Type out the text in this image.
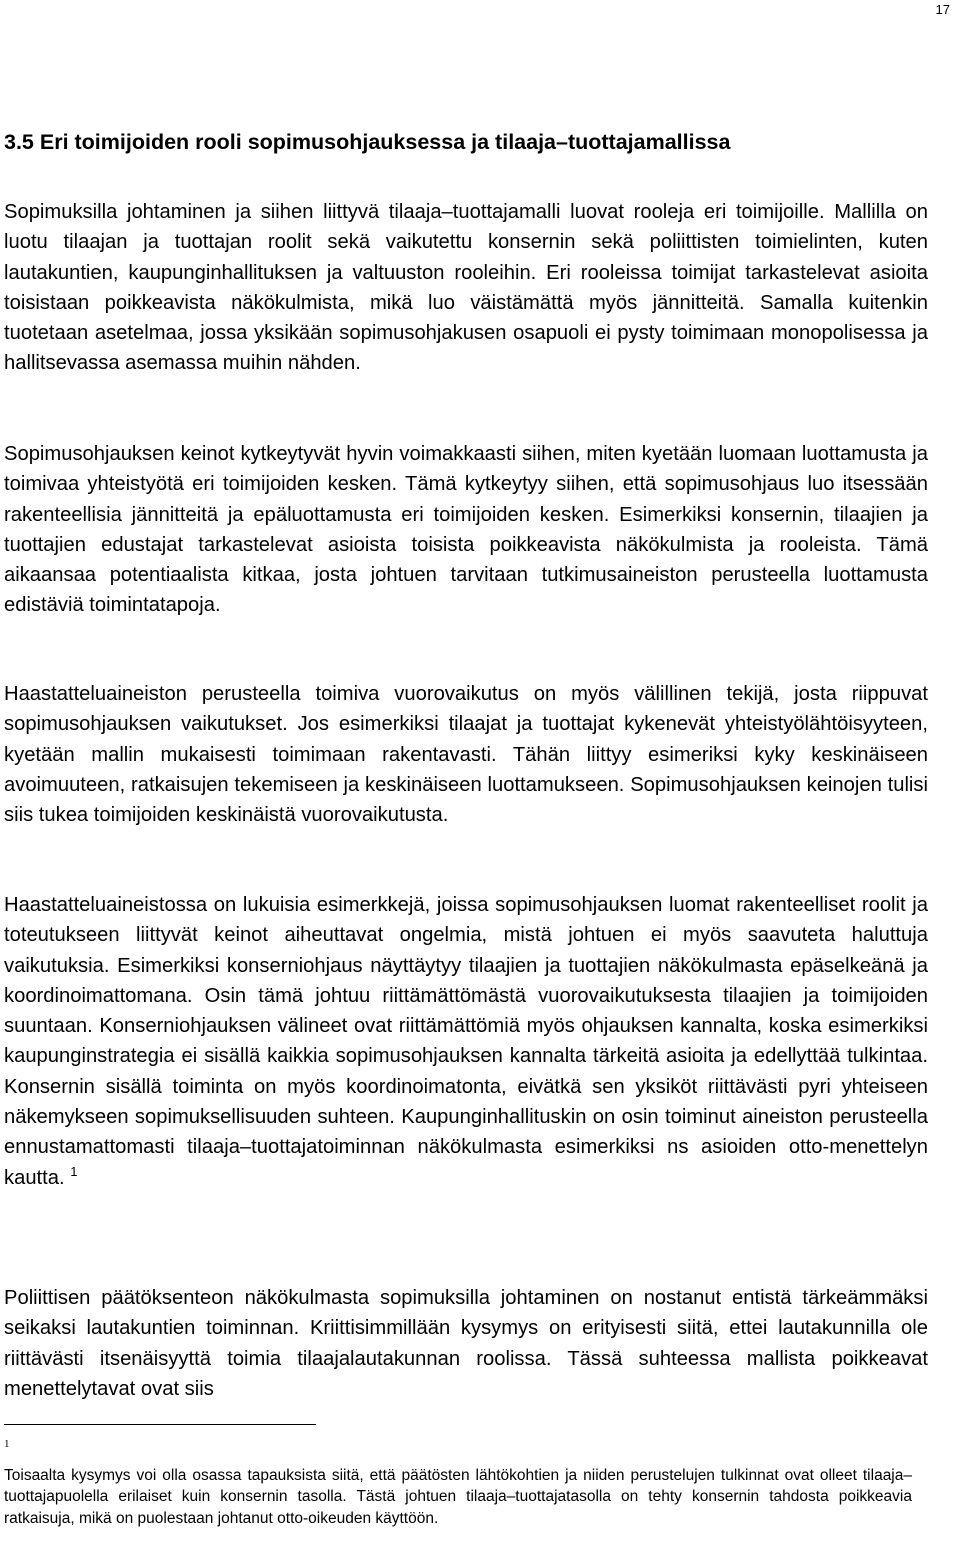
17
3.5 Eri toimijoiden rooli sopimusohjauksessa ja tilaaja–tuottajamallissa

Sopimuksilla johtaminen ja siihen liittyvä tilaaja–tuottajamalli luovat rooleja eri toimijoille. Mallilla on luotu tilaajan ja tuottajan roolit sekä vaikutettu konsernin sekä poliittisten toimielinten, kuten lautakuntien, kaupunginhallituksen ja valtuuston rooleihin. Eri rooleissa toimijat tarkastelevat asioita toisistaan poikkeavista näkökulmista, mikä luo väistämättä myös jännitteitä. Samalla kuitenkin tuotetaan asetelmaa, jossa yksikään sopimusohjakusen osapuoli ei pysty toimimaan monopolisessa ja hallitsevassa asemassa muihin nähden.

Sopimusohjauksen keinot kytkeytyvät hyvin voimakkaasti siihen, miten kyetään luomaan luottamusta ja toimivaa yhteistyötä eri toimijoiden kesken. Tämä kytkeytyy siihen, että sopimusohjaus luo itsessään rakenteellisia jännitteitä ja epäluottamusta eri toimijoiden kesken. Esimerkiksi konsernin, tilaajien ja tuottajien edustajat tarkastelevat asioista toisista poikkeavista näkökulmista ja rooleista. Tämä aikaansaa potentiaalista kitkaa, josta johtuen tarvitaan tutkimusaineiston perusteella luottamusta edistäviä toimintatapoja.

Haastatteluaineiston perusteella toimiva vuorovaikutus on myös välillinen tekijä, josta riippuvat sopimusohjauksen vaikutukset. Jos esimerkiksi tilaajat ja tuottajat kykenevät yhteistyölähtöisyyteen, kyetään mallin mukaisesti toimimaan rakentavasti. Tähän liittyy esimeriksi kyky keskinäiseen avoimuuteen, ratkaisujen tekemiseen ja keskinäiseen luottamukseen. Sopimusohjauksen keinojen tulisi siis tukea toimijoiden keskinäistä vuorovaikutusta.

Haastatteluaineistossa on lukuisia esimerkkejä, joissa sopimusohjauksen luomat rakenteelliset roolit ja toteutukseen liittyvät keinot aiheuttavat ongelmia, mistä johtuen ei myös saavuteta haluttuja vaikutuksia. Esimerkiksi konserniohjaus näyttäytyy tilaajien ja tuottajien näkökulmasta epäselkeänä ja koordinoimattomana. Osin tämä johtuu riittämättömästä vuorovaikutuksesta tilaajien ja toimijoiden suuntaan. Konserniohjauksen välineet ovat riittämättömiä myös ohjauksen kannalta, koska esimerkiksi kaupunginstrategia ei sisällä kaikkia sopimusohjauksen kannalta tärkeitä asioita ja edellyttää tulkintaa. Konsernin sisällä toiminta on myös koordinoimatonta, eivätkä sen yksiköt riittävästi pyri yhteiseen näkemykseen sopimuksellisuuden suhteen. Kaupunginhallituskin on osin toiminut aineiston perusteella ennustamattomasti tilaaja–tuottajatoiminnan näkökulmasta esimerkiksi ns asioiden otto-menettelyn kautta. $^1$

Poliittisen päätöksenteon näkökulmasta sopimuksilla johtaminen on nostanut entistä tärkeämmäksi seikaksi lautakuntien toiminnan. Kriittisimmillään kysymys on erityisesti siitä, ettei lautakunnilla ole riittävästi itsenäisyyttä toimia tilaajalautakunnan roolissa. Tässä suhteessa mallista poikkeavat menettelytavat ovat siis

1

Toisaalta kysymys voi olla osassa tapauksista siitä, että päätösten lähtökohtien ja niiden perustelujen tulkinnat ovat olleet tilaaja–tuottajapuolella erilaiset kuin konsernin tasolla. Tästä johtuen tilaaja–tuottajatasolla on tehty konsernin tahdosta poikkeavia ratkaisuja, mikä on puolestaan johtanut otto-oikeuden käyttöön.
